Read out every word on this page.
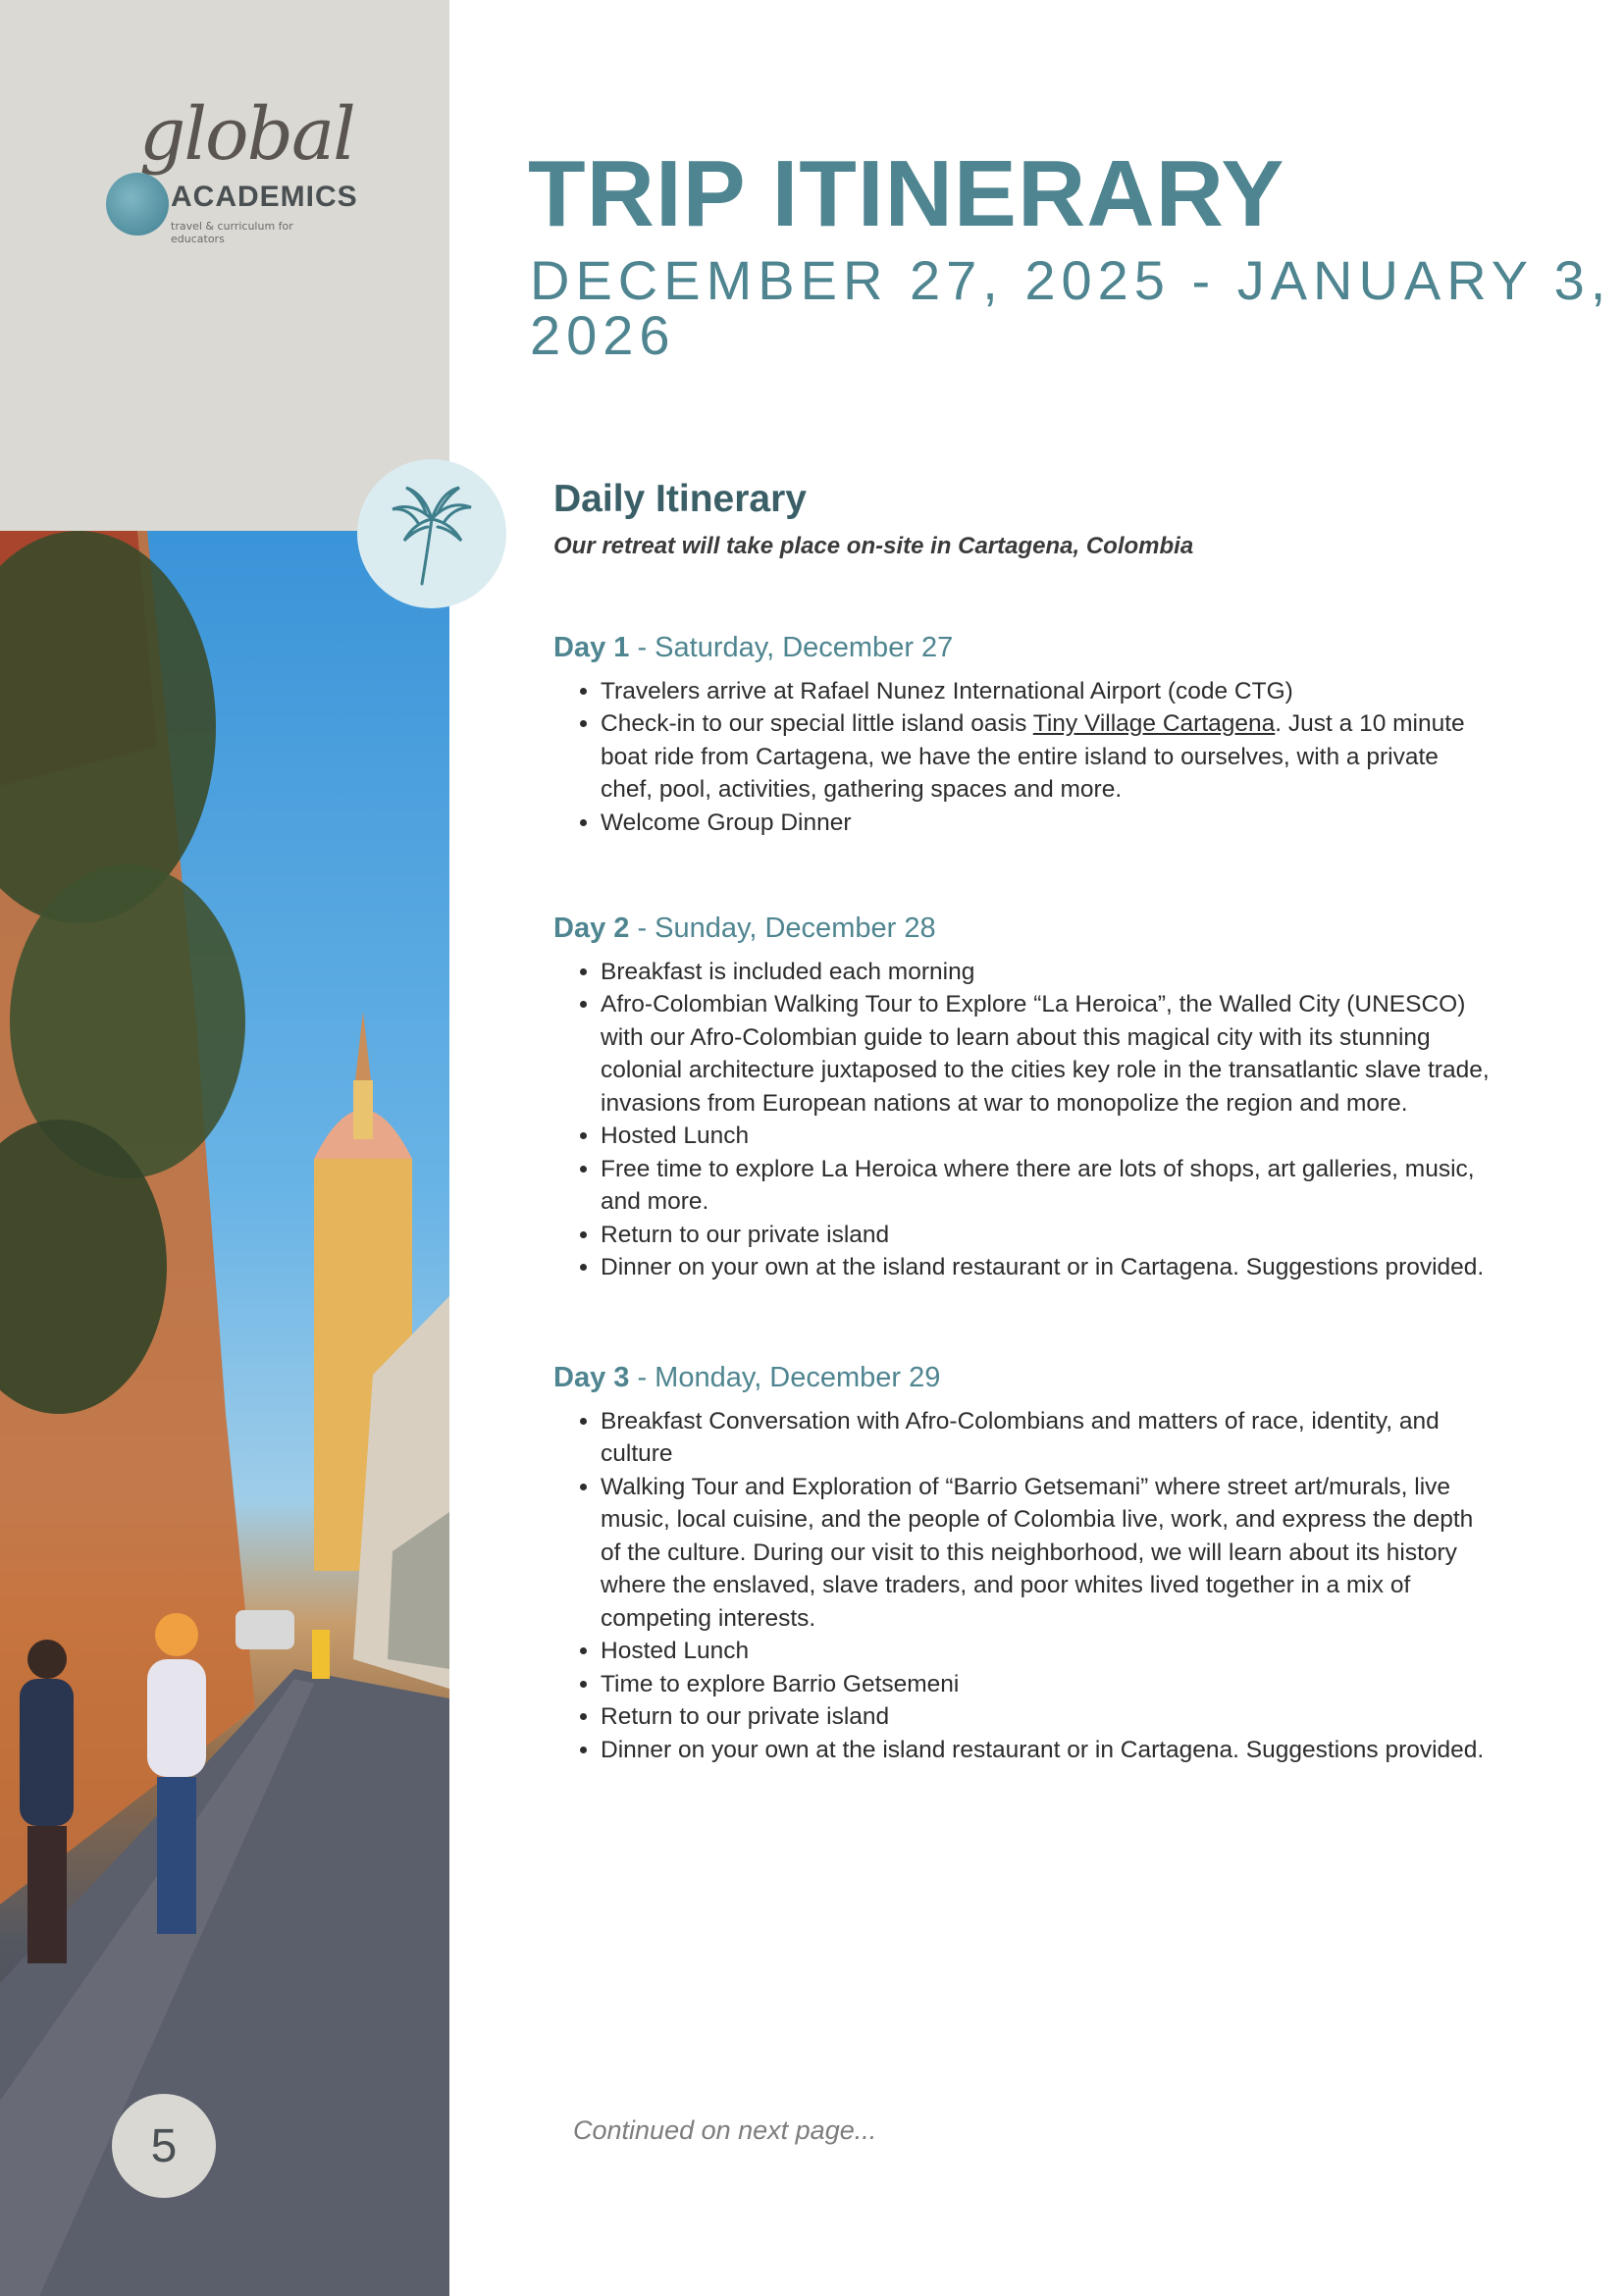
global
ACADEMICS
travel & curriculum for educators
5
TRIP ITINERARY
DECEMBER 27, 2025 - JANUARY 3, 2026
Daily Itinerary
Our retreat will take place on-site in Cartagena, Colombia
Day 1 - Saturday, December 27
• Travelers arrive at Rafael Nunez International Airport (code CTG)
• Check-in to our special little island oasis Tiny Village Cartagena. Just a 10 minute boat ride from Cartagena, we have the entire island to ourselves, with a private chef, pool, activities, gathering spaces and more.
• Welcome Group Dinner
Day 2 - Sunday, December 28
• Breakfast is included each morning
• Afro-Colombian Walking Tour to Explore “La Heroica”, the Walled City (UNESCO) with our Afro-Colombian guide to learn about this magical city with its stunning colonial architecture juxtaposed to the cities key role in the transatlantic slave trade, invasions from European nations at war to monopolize the region and more.
• Hosted Lunch
• Free time to explore La Heroica where there are lots of shops, art galleries, music, and more.
• Return to our private island
• Dinner on your own at the island restaurant or in Cartagena. Suggestions provided.
Day 3 - Monday, December 29
• Breakfast Conversation with Afro-Colombians and matters of race, identity, and culture
• Walking Tour and Exploration of “Barrio Getsemani” where street art/murals, live music, local cuisine, and the people of Colombia live, work, and express the depth of the culture. During our visit to this neighborhood, we will learn about its history where the enslaved, slave traders, and poor whites lived together in a mix of competing interests.
• Hosted Lunch
• Time to explore Barrio Getsemeni
• Return to our private island
• Dinner on your own at the island restaurant or in Cartagena. Suggestions provided.
Continued on next page...
